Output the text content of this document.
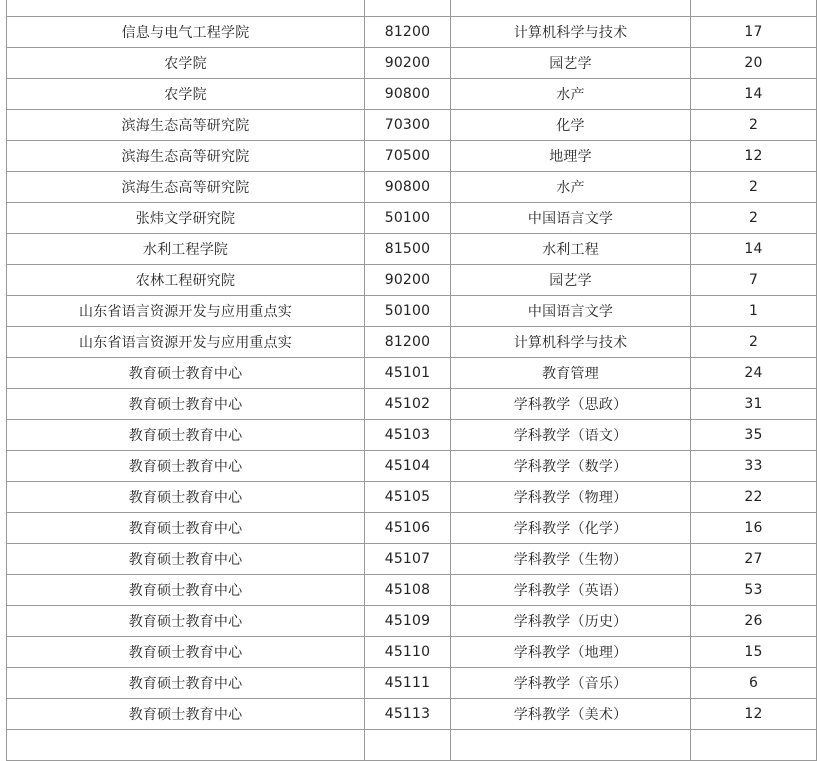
信息与电气工程学院	81200	计算机科学与技术	17
农学院	90200	园艺学	20
农学院	90800	水产	14
滨海生态高等研究院	70300	化学	2
滨海生态高等研究院	70500	地理学	12
滨海生态高等研究院	90800	水产	2
张炜文学研究院	50100	中国语言文学	2
水利工程学院	81500	水利工程	14
农林工程研究院	90200	园艺学	7
山东省语言资源开发与应用重点实	50100	中国语言文学	1
山东省语言资源开发与应用重点实	81200	计算机科学与技术	2
教育硕士教育中心	45101	教育管理	24
教育硕士教育中心	45102	学科教学（思政）	31
教育硕士教育中心	45103	学科教学（语文）	35
教育硕士教育中心	45104	学科教学（数学）	33
教育硕士教育中心	45105	学科教学（物理）	22
教育硕士教育中心	45106	学科教学（化学）	16
教育硕士教育中心	45107	学科教学（生物）	27
教育硕士教育中心	45108	学科教学（英语）	53
教育硕士教育中心	45109	学科教学（历史）	26
教育硕士教育中心	45110	学科教学（地理）	15
教育硕士教育中心	45111	学科教学（音乐）	6
教育硕士教育中心	45113	学科教学（美术）	12
